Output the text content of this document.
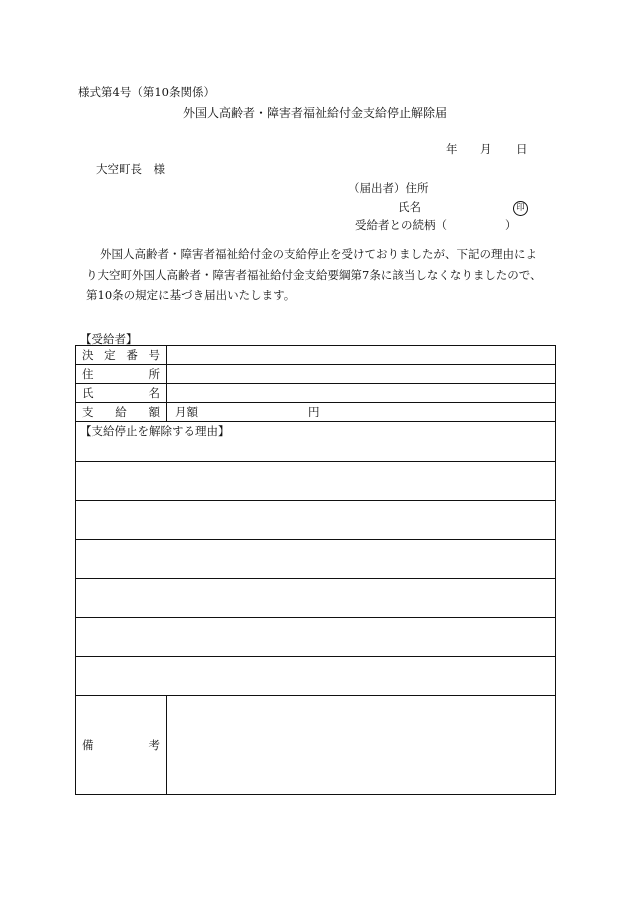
様式第4号（第10条関係）
外国人高齢者・障害者福祉給付金支給停止解除届
年 月 日
大空町長　様
（届出者）住所
氏名	印
受給者との続柄（	）
外国人高齢者・障害者福祉給付金の支給停止を受けておりましたが、下記の理由によ
り大空町外国人高齢者・障害者福祉給付金支給要綱第7条に該当しなくなりましたので、
第10条の規定に基づき届出いたします。
【受給者】
決 定 番 号	

住 所	

氏 名	

支 給 額	月額 円
【支給停止を解除する理由】	

備 考	
